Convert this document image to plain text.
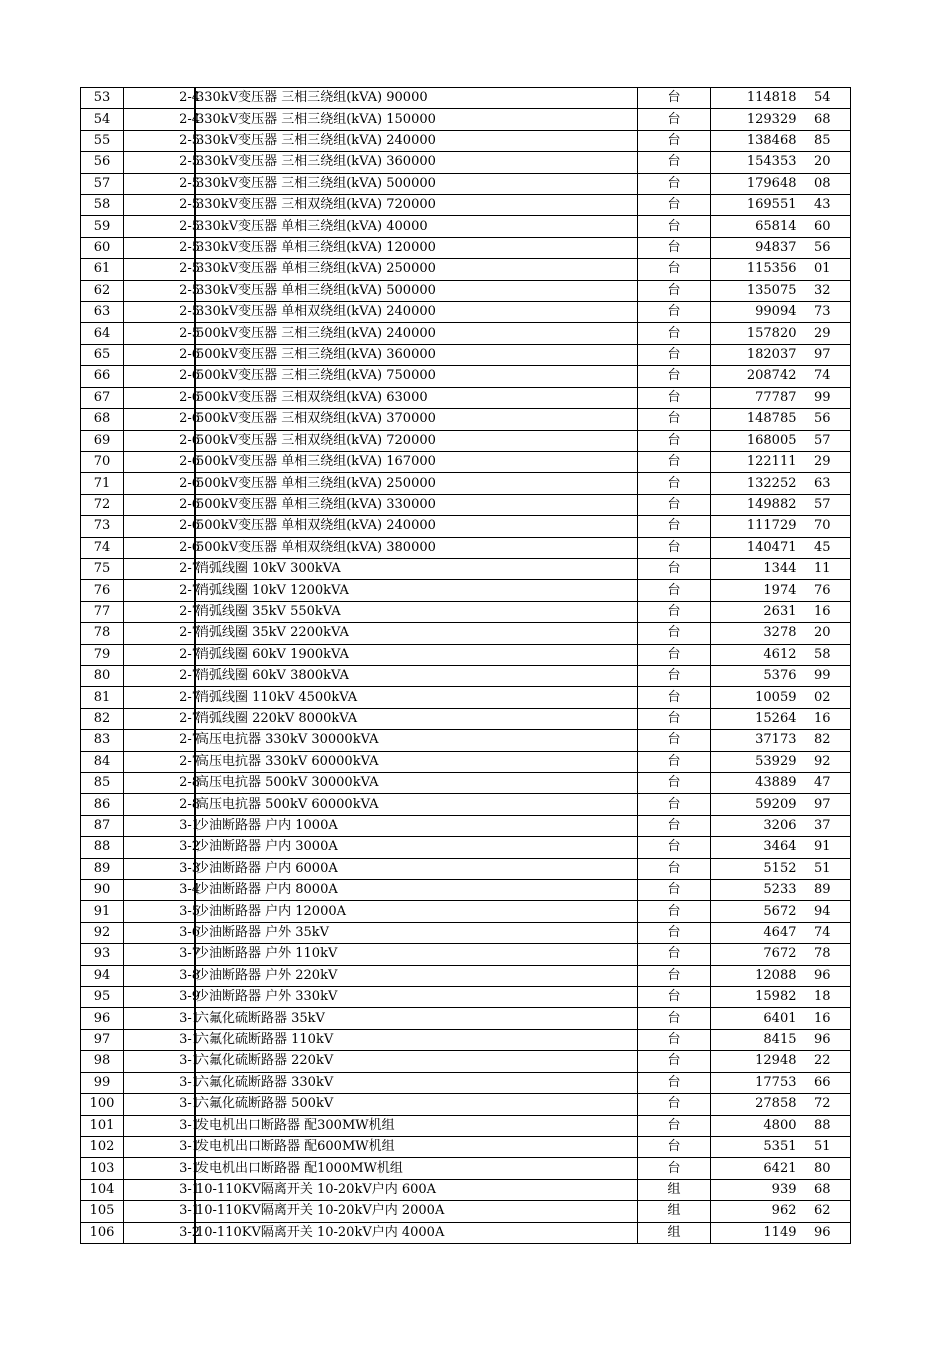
53	2-4	330kV变压器 三相三绕组(kVA) 90000	台	114818 54
54	2-4	330kV变压器 三相三绕组(kVA) 150000	台	129329 68
55	2-5	330kV变压器 三相三绕组(kVA) 240000	台	138468 85
56	2-5	330kV变压器 三相三绕组(kVA) 360000	台	154353 20
57	2-5	330kV变压器 三相三绕组(kVA) 500000	台	179648 08
58	2-5	330kV变压器 三相双绕组(kVA) 720000	台	169551 43
59	2-5	330kV变压器 单相三绕组(kVA) 40000	台	65814 60
60	2-5	330kV变压器 单相三绕组(kVA) 120000	台	94837 56
61	2-5	330kV变压器 单相三绕组(kVA) 250000	台	115356 01
62	2-5	330kV变压器 单相三绕组(kVA) 500000	台	135075 32
63	2-5	330kV变压器 单相双绕组(kVA) 240000	台	99094 73
64	2-5	500kV变压器 三相三绕组(kVA) 240000	台	157820 29
65	2-6	500kV变压器 三相三绕组(kVA) 360000	台	182037 97
66	2-6	500kV变压器 三相三绕组(kVA) 750000	台	208742 74
67	2-6	500kV变压器 三相双绕组(kVA) 63000	台	77787 99
68	2-6	500kV变压器 三相双绕组(kVA) 370000	台	148785 56
69	2-6	500kV变压器 三相双绕组(kVA) 720000	台	168005 57
70	2-6	500kV变压器 单相三绕组(kVA) 167000	台	122111 29
71	2-6	500kV变压器 单相三绕组(kVA) 250000	台	132252 63
72	2-6	500kV变压器 单相三绕组(kVA) 330000	台	149882 57
73	2-6	500kV变压器 单相双绕组(kVA) 240000	台	111729 70
74	2-6	500kV变压器 单相双绕组(kVA) 380000	台	140471 45
75	2-7	消弧线圈 10kV 300kVA	台	1344 11
76	2-7	消弧线圈 10kV 1200kVA	台	1974 76
77	2-7	消弧线圈 35kV 550kVA	台	2631 16
78	2-7	消弧线圈 35kV 2200kVA	台	3278 20
79	2-7	消弧线圈 60kV 1900kVA	台	4612 58
80	2-7	消弧线圈 60kV 3800kVA	台	5376 99
81	2-7	消弧线圈 110kV 4500kVA	台	10059 02
82	2-7	消弧线圈 220kV 8000kVA	台	15264 16
83	2-7	高压电抗器 330kV 30000kVA	台	37173 82
84	2-7	高压电抗器 330kV 60000kVA	台	53929 92
85	2-8	高压电抗器 500kV 30000kVA	台	43889 47
86	2-8	高压电抗器 500kV 60000kVA	台	59209 97
87	3-1	少油断路器 户内 1000A	台	3206 37
88	3-2	少油断路器 户内 3000A	台	3464 91
89	3-3	少油断路器 户内 6000A	台	5152 51
90	3-4	少油断路器 户内 8000A	台	5233 89
91	3-5	少油断路器 户内 12000A	台	5672 94
92	3-6	少油断路器 户外 35kV	台	4647 74
93	3-7	少油断路器 户外 110kV	台	7672 78
94	3-8	少油断路器 户外 220kV	台	12088 96
95	3-9	少油断路器 户外 330kV	台	15982 18
96	3-1	六氟化硫断路器 35kV	台	6401 16
97	3-1	六氟化硫断路器 110kV	台	8415 96
98	3-1	六氟化硫断路器 220kV	台	12948 22
99	3-1	六氟化硫断路器 330kV	台	17753 66
100	3-1	六氟化硫断路器 500kV	台	27858 72
101	3-1	发电机出口断路器 配300MW机组	台	4800 88
102	3-1	发电机出口断路器 配600MW机组	台	5351 51
103	3-1	发电机出口断路器 配1000MW机组	台	6421 80
104	3-1	10-110KV隔离开关 10-20kV户内 600A	组	939 68
105	3-1	10-110KV隔离开关 10-20kV户内 2000A	组	962 62
106	3-2	10-110KV隔离开关 10-20kV户内 4000A	组	1149 96
